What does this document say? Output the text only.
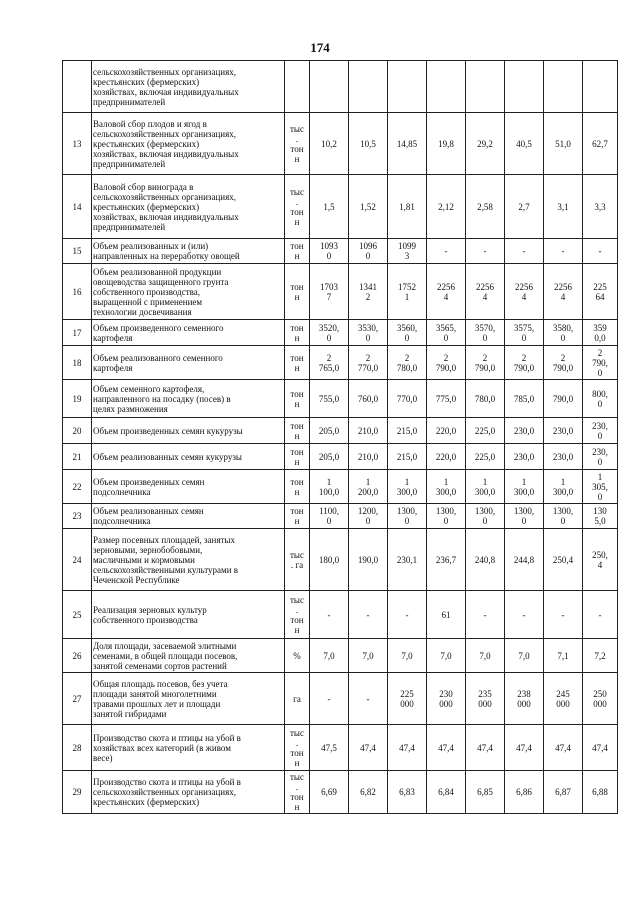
174

	сельскохозяйственных организациях,
крестьянских (фермерских)
хозяйствах, включая индивидуальных
предпринимателей									

13	Валовой сбор плодов и ягод в
сельскохозяйственных организациях,
крестьянских (фермерских)
хозяйствах, включая индивидуальных
предпринимателей	тыс
.
тон
н	10,2	10,5	14,85	19,8	29,2	40,5	51,0	62,7

14	Валовой сбор винограда в
сельскохозяйственных организациях,
крестьянских (фермерских)
хозяйствах, включая индивидуальных
предпринимателей	тыс
.
тон
н	1,5	1,52	1,81	2,12	2,58	2,7	3,1	3,3

15	Объем реализованных и (или)
направленных на переработку овощей	тон
н	1093
0	1096
0	1099
3	-	-	-	-	-

16	Объем реализованной продукции
овощеводства защищенного грунта
собственного производства,
выращенной с применением
технологии досвечивания	тон
н	1703
7	1341
2	1752
1	2256
4	2256
4	2256
4	2256
4	225
64

17	Объем произведенного семенного
картофеля	тон
н	3520,
0	3530,
0	3560,
0	3565,
0	3570,
0	3575,
0	3580,
0	359
0,0

18	Объем реализованного семенного
картофеля	тон
н	2
765,0	2
770,0	2
780,0	2
790,0	2
790,0	2
790,0	2
790,0	2
790,
0

19	Объем семенного картофеля,
направленного на посадку (посев) в
целях размножения	тон
н	755,0	760,0	770,0	775,0	780,0	785,0	790,0	800,
0

20	Объем произведенных семян кукурузы	тон
н	205,0	210,0	215,0	220,0	225,0	230,0	230,0	230,
0

21	Объем реализованных семян кукурузы	тон
н	205,0	210,0	215,0	220,0	225,0	230,0	230,0	230,
0

22	Объем произведенных семян
подсолнечника	тон
н	1
100,0	1
200,0	1
300,0	1
300,0	1
300,0	1
300,0	1
300,0	1
305,
0

23	Объем реализованных семян
подсолнечника	тон
н	1100,
0	1200,
0	1300,
0	1300,
0	1300,
0	1300,
0	1300,
0	130
5,0

24	Размер посевных площадей, занятых
зерновыми, зернобобовыми,
масличными и кормовыми
сельскохозяйственными культурами в
Чеченской Республике	тыс
. га	180,0	190,0	230,1	236,7	240,8	244,8	250,4	250,
4

25	Реализация зерновых культур
собственного производства	тыс
.
тон
н	-	-	-	61	-	-	-	-

26	Доля площади, засеваемой элитными
семенами, в общей площади посевов,
занятой семенами сортов растений	%	7,0	7,0	7,0	7,0	7,0	7,0	7,1	7,2

27	Общая площадь посевов, без учета
площади занятой многолетними
травами прошлых лет и площади
занятой гибридами	га	-	-	225
000	230
000	235
000	238
000	245
000	250
000

28	Производство скота и птицы на убой в
хозяйствах всех категорий (в живом
весе)	тыс
.
тон
н	47,5	47,4	47,4	47,4	47,4	47,4	47,4	47,4

29	Производство скота и птицы на убой в
сельскохозяйственных организациях,
крестьянских (фермерских)	тыс
.
тон
н	6,69	6,82	6,83	6,84	6,85	6,86	6,87	6,88
